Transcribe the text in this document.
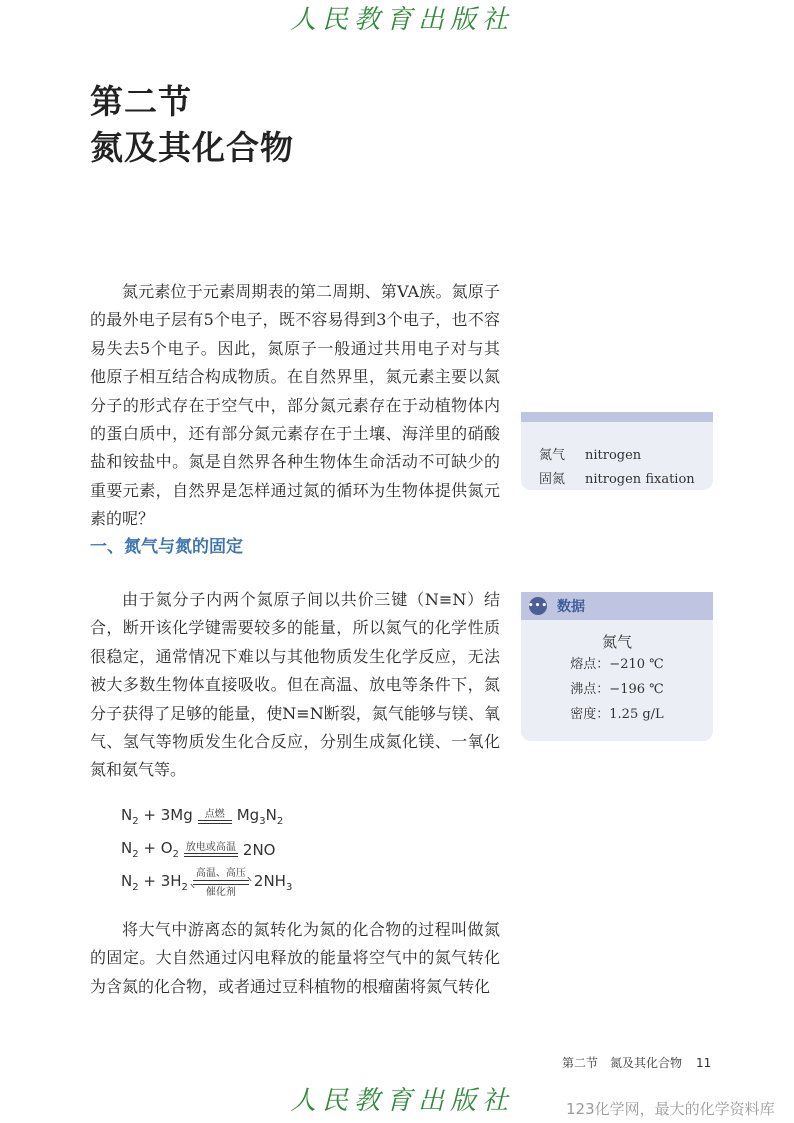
人民教育出版社
第二节
氮及其化合物

氮元素位于元素周期表的第二周期、第VA族。氮原子的最外电子层有5个电子，既不容易得到3个电子，也不容易失去5个电子。因此，氮原子一般通过共用电子对与其他原子相互结合构成物质。在自然界里，氮元素主要以氮分子的形式存在于空气中，部分氮元素存在于动植物体内的蛋白质中，还有部分氮元素存在于土壤、海洋里的硝酸盐和铵盐中。氮是自然界各种生物体生命活动不可缺少的重要元素，自然界是怎样通过氮的循环为生物体提供氮元素的呢？

氮气	nitrogen
固氮	nitrogen fixation
一、氮气与氮的固定

由于氮分子内两个氮原子间以共价三键（N≡N）结合，断开该化学键需要较多的能量，所以氮气的化学性质很稳定，通常情况下难以与其他物质发生化学反应，无法被大多数生物体直接吸收。但在高温、放电等条件下，氮分子获得了足够的能量，使N≡N断裂，氮气能够与镁、氧气、氢气等物质发生化合反应，分别生成氮化镁、一氧化氮和氨气等。

••• 数据
氮气
熔点：−210 ℃
沸点：−196 ℃
密度：1.25 g/L
$N_2 + 3Mg$ 点燃 $Mg_3N_2$
$N_2 + O_2$
放电或高温 2NO
$N_2 + 3H_2$
高温、高压
催化剂
$2NH_3$

将大气中游离态的氮转化为氮的化合物的过程叫做氮的固定。大自然通过闪电释放的能量将空气中的氮气转化为含氮的化合物，或者通过豆科植物的根瘤菌将氮气转化

第二节　氮及其化合物 11
人民教育出版社	123化学网，最大的化学资料库
